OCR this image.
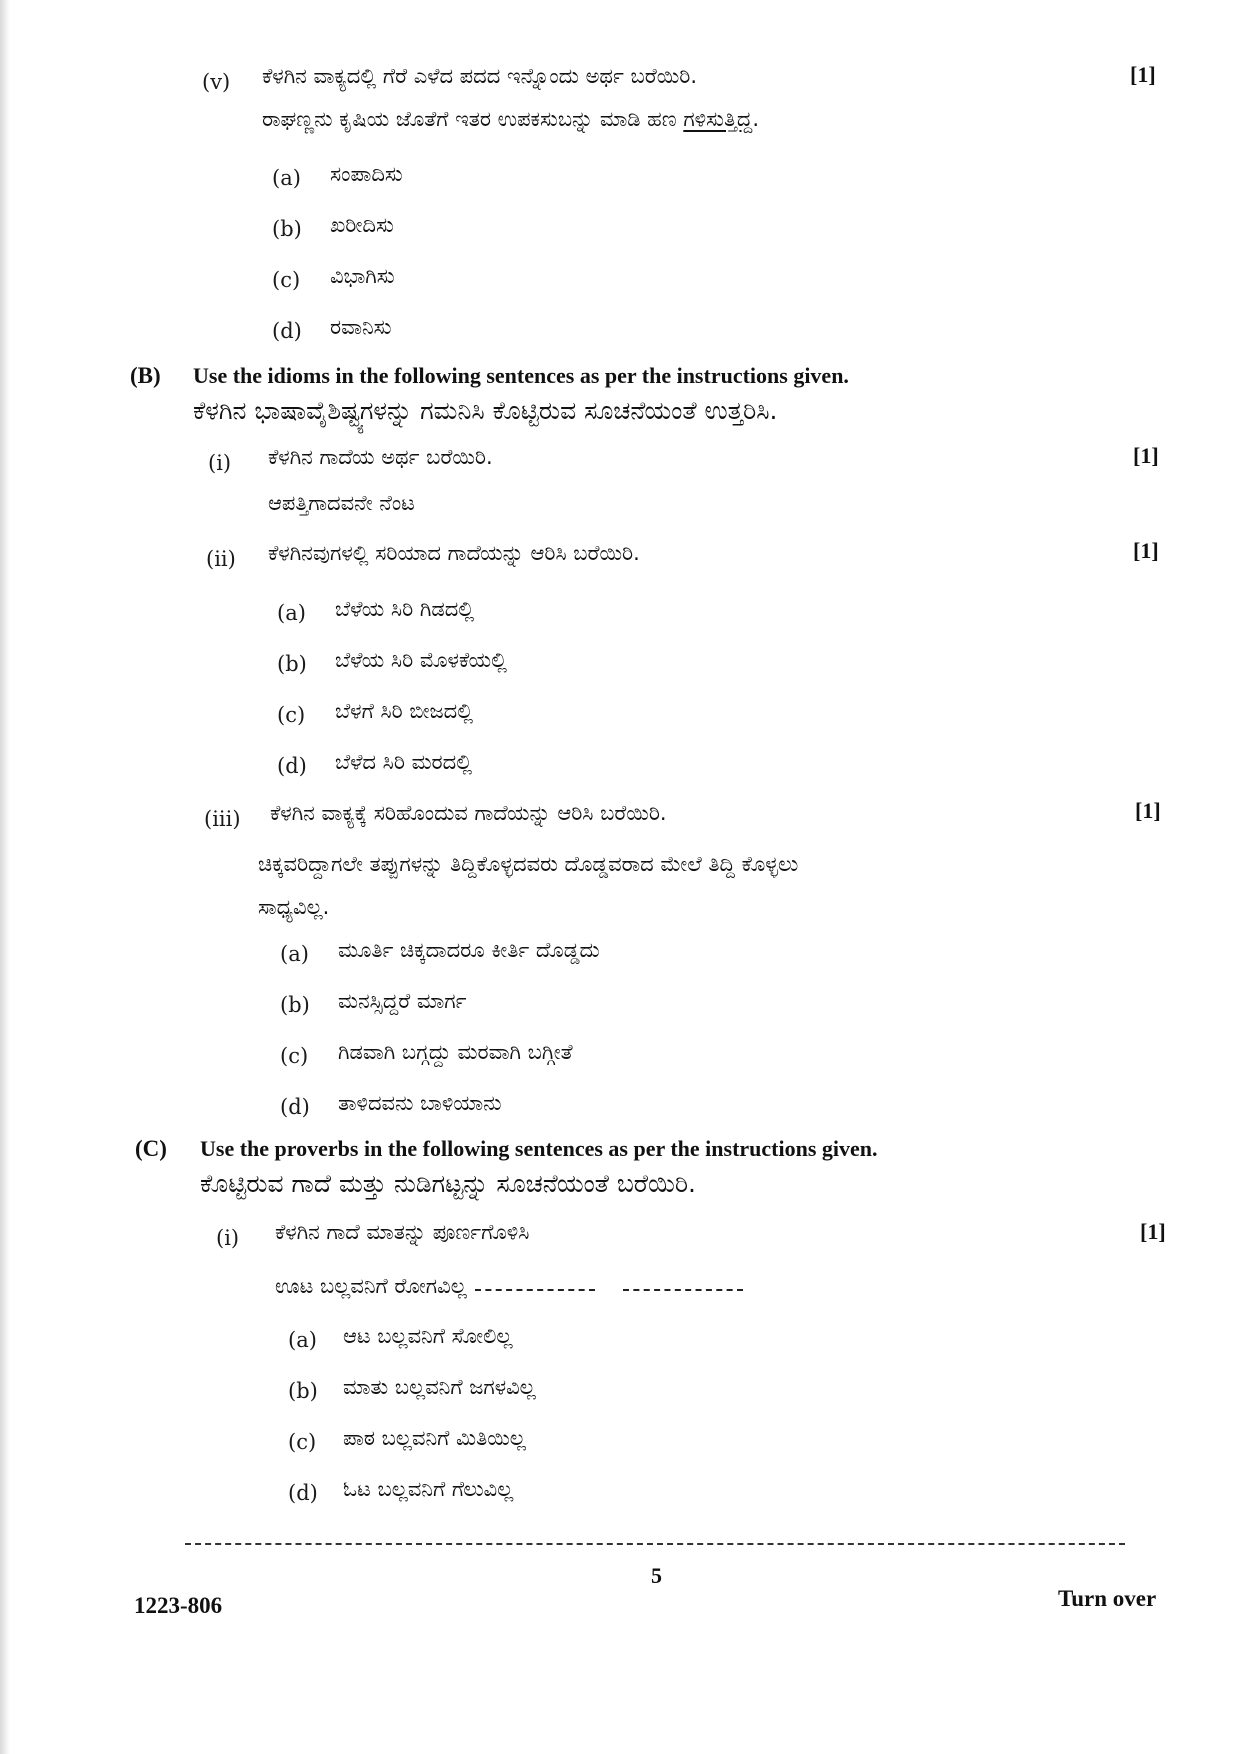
(v) ಕೆಳಗಿನ ವಾಕ್ಯದಲ್ಲಿ ಗೆರೆ ಎಳೆದ ಪದದ ಇನ್ನೊಂದು ಅರ್ಥ ಬರೆಯಿರಿ.	[1]
ರಾಘಣ್ಣನು ಕೃಷಿಯ ಜೊತೆಗೆ ಇತರ ಉಪಕಸುಬನ್ನು ಮಾಡಿ ಹಣ ಗಳಿಸುತ್ತಿದ್ದ.
(a) ಸಂಪಾದಿಸು
(b) ಖರೀದಿಸು
(c) ವಿಭಾಗಿಸು
(d) ರವಾನಿಸು
(B) Use the idioms in the following sentences as per the instructions given.
ಕೆಳಗಿನ ಭಾಷಾವೈಶಿಷ್ಟ್ಯಗಳನ್ನು ಗಮನಿಸಿ ಕೊಟ್ಟಿರುವ ಸೂಚನೆಯಂತೆ ಉತ್ತರಿಸಿ.
(i) ಕೆಳಗಿನ ಗಾದೆಯ ಅರ್ಥ ಬರೆಯಿರಿ.	[1]
ಆಪತ್ತಿಗಾದವನೇ ನೆಂಟ
(ii) ಕೆಳಗಿನವುಗಳಲ್ಲಿ ಸರಿಯಾದ ಗಾದೆಯನ್ನು ಆರಿಸಿ ಬರೆಯಿರಿ.	[1]
(a) ಬೆಳೆಯ ಸಿರಿ ಗಿಡದಲ್ಲಿ
(b) ಬೆಳೆಯ ಸಿರಿ ಮೊಳಕೆಯಲ್ಲಿ
(c) ಬೆಳಗೆ ಸಿರಿ ಬೀಜದಲ್ಲಿ
(d) ಬೆಳೆದ ಸಿರಿ ಮರದಲ್ಲಿ
(iii) ಕೆಳಗಿನ ವಾಕ್ಯಕ್ಕೆ ಸರಿಹೊಂದುವ ಗಾದೆಯನ್ನು ಆರಿಸಿ ಬರೆಯಿರಿ.	[1]
ಚಿಕ್ಕವರಿದ್ದಾಗಲೇ ತಪ್ಪುಗಳನ್ನು ತಿದ್ದಿಕೊಳ್ಳದವರು ದೊಡ್ಡವರಾದ ಮೇಲೆ ತಿದ್ದಿ ಕೊಳ್ಳಲು
ಸಾಧ್ಯವಿಲ್ಲ.
(a) ಮೂರ್ತಿ ಚಿಕ್ಕದಾದರೂ ಕೀರ್ತಿ ದೊಡ್ಡದು
(b) ಮನಸ್ಸಿದ್ದರೆ ಮಾರ್ಗ
(c) ಗಿಡವಾಗಿ ಬಗ್ಗದ್ದು ಮರವಾಗಿ ಬಗ್ಗೀತೆ
(d) ತಾಳಿದವನು ಬಾಳಿಯಾನು
(C) Use the proverbs in the following sentences as per the instructions given.
ಕೊಟ್ಟಿರುವ ಗಾದೆ ಮತ್ತು ನುಡಿಗಟ್ಟನ್ನು ಸೂಚನೆಯಂತೆ ಬರೆಯಿರಿ.
(i) ಕೆಳಗಿನ ಗಾದೆ ಮಾತನ್ನು ಪೂರ್ಣಗೊಳಿಸಿ	[1]
ಊಟ ಬಲ್ಲವನಿಗೆ ರೋಗವಿಲ್ಲ
(a) ಆಟ ಬಲ್ಲವನಿಗೆ ಸೋಲಿಲ್ಲ
(b) ಮಾತು ಬಲ್ಲವನಿಗೆ ಜಗಳವಿಲ್ಲ
(c) ಪಾಠ ಬಲ್ಲವನಿಗೆ ಮಿತಿಯಿಲ್ಲ
(d) ಓಟ ಬಲ್ಲವನಿಗೆ ಗೆಲುವಿಲ್ಲ
5
1223-806	Turn over
